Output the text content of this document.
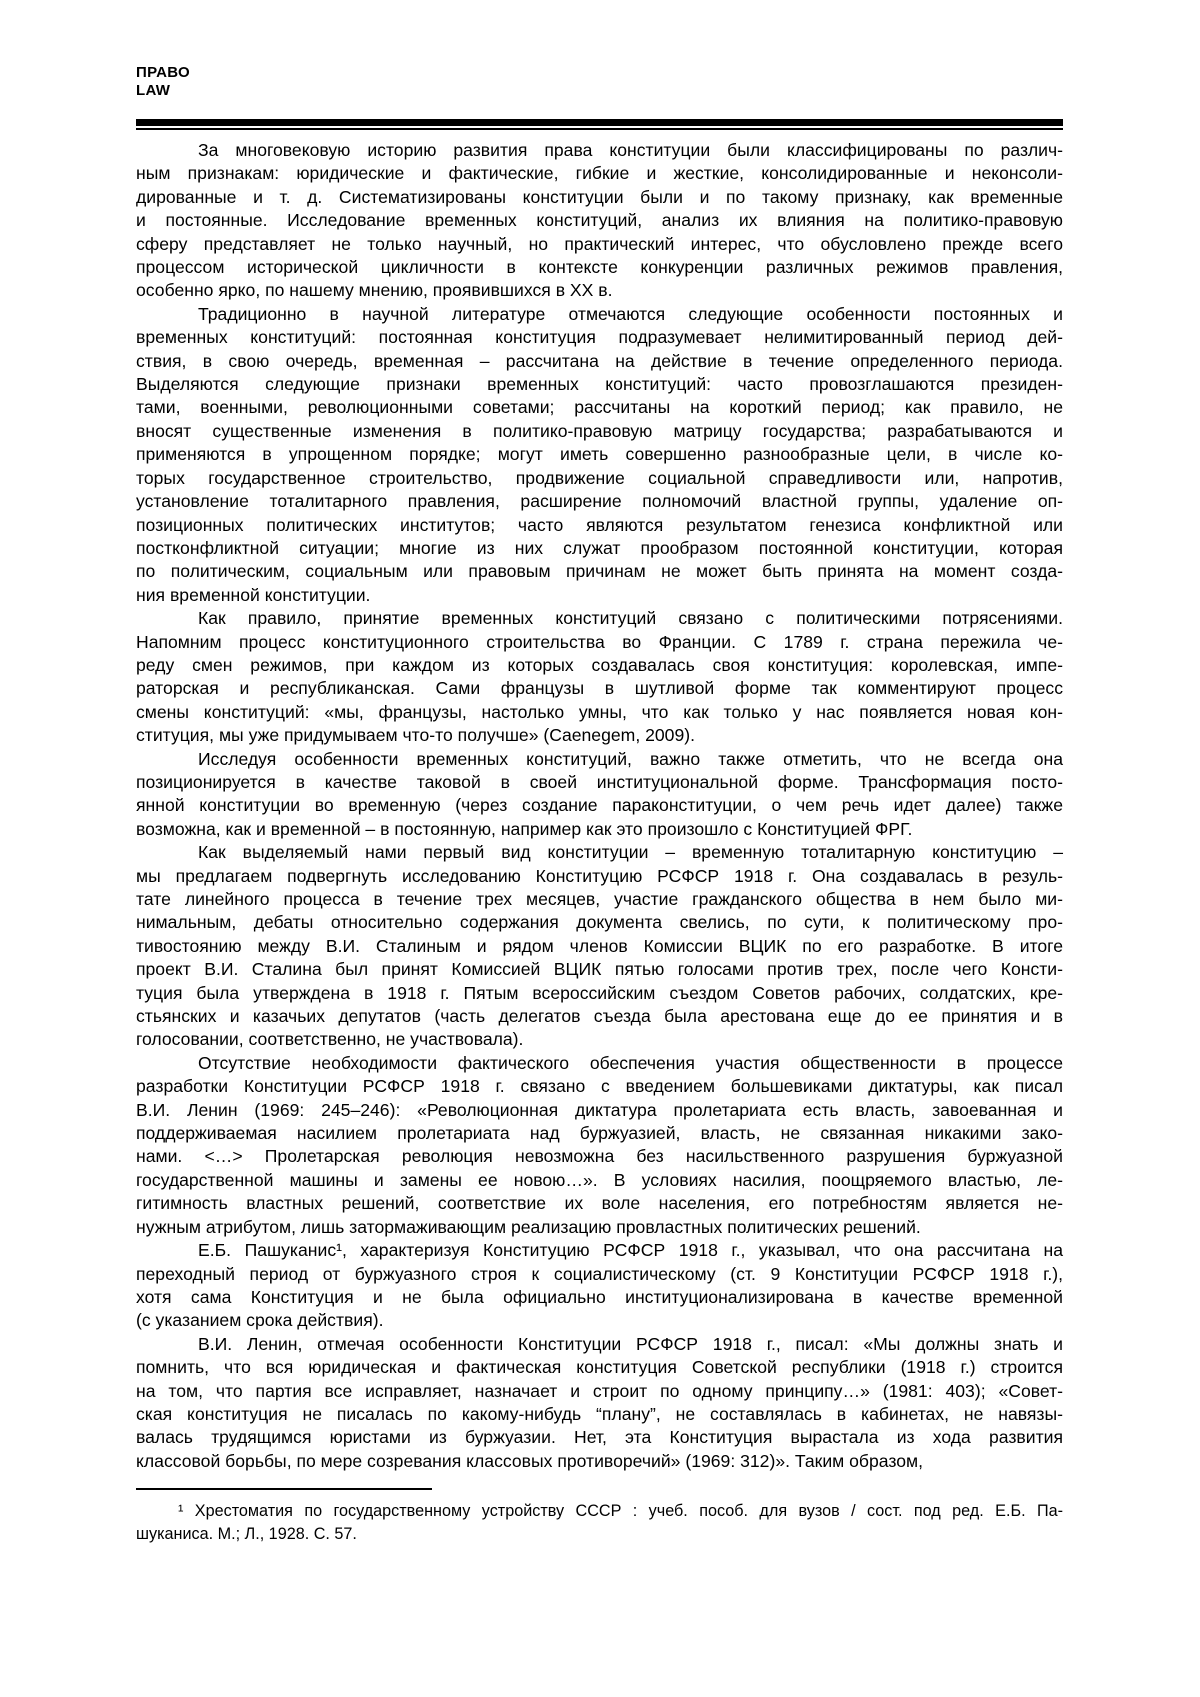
ПРАВО
LAW
За многовековую историю развития права конституции были классифицированы по различ-
ным признакам: юридические и фактические, гибкие и жесткие, консолидированные и неконсоли-
дированные и т. д. Систематизированы конституции были и по такому признаку, как временные
и постоянные. Исследование временных конституций, анализ их влияния на политико-правовую
сферу представляет не только научный, но практический интерес, что обусловлено прежде всего
процессом исторической цикличности в контексте конкуренции различных режимов правления,
особенно ярко, по нашему мнению, проявившихся в XX в.
Традиционно в научной литературе отмечаются следующие особенности постоянных и
временных конституций: постоянная конституция подразумевает нелимитированный период дей-
ствия, в свою очередь, временная – рассчитана на действие в течение определенного периода.
Выделяются следующие признаки временных конституций: часто провозглашаются президен-
тами, военными, революционными советами; рассчитаны на короткий период; как правило, не
вносят существенные изменения в политико-правовую матрицу государства; разрабатываются и
применяются в упрощенном порядке; могут иметь совершенно разнообразные цели, в числе ко-
торых государственное строительство, продвижение социальной справедливости или, напротив,
установление тоталитарного правления, расширение полномочий властной группы, удаление оп-
позиционных политических институтов; часто являются результатом генезиса конфликтной или
постконфликтной ситуации; многие из них служат прообразом постоянной конституции, которая
по политическим, социальным или правовым причинам не может быть принята на момент созда-
ния временной конституции.
Как правило, принятие временных конституций связано с политическими потрясениями.
Напомним процесс конституционного строительства во Франции. С 1789 г. страна пережила че-
реду смен режимов, при каждом из которых создавалась своя конституция: королевская, импе-
раторская и республиканская. Сами французы в шутливой форме так комментируют процесс
смены конституций: «мы, французы, настолько умны, что как только у нас появляется новая кон-
ституция, мы уже придумываем что-то получше» (Caenegem, 2009).
Исследуя особенности временных конституций, важно также отметить, что не всегда она
позиционируется в качестве таковой в своей институциональной форме. Трансформация посто-
янной конституции во временную (через создание параконституции, о чем речь идет далее) также
возможна, как и временной – в постоянную, например как это произошло с Конституцией ФРГ.
Как выделяемый нами первый вид конституции – временную тоталитарную конституцию –
мы предлагаем подвергнуть исследованию Конституцию РСФСР 1918 г. Она создавалась в резуль-
тате линейного процесса в течение трех месяцев, участие гражданского общества в нем было ми-
нимальным, дебаты относительно содержания документа свелись, по сути, к политическому про-
тивостоянию между В.И. Сталиным и рядом членов Комиссии ВЦИК по его разработке. В итоге
проект В.И. Сталина был принят Комиссией ВЦИК пятью голосами против трех, после чего Консти-
туция была утверждена в 1918 г. Пятым всероссийским съездом Советов рабочих, солдатских, кре-
стьянских и казачьих депутатов (часть делегатов съезда была арестована еще до ее принятия и в
голосовании, соответственно, не участвовала).
Отсутствие необходимости фактического обеспечения участия общественности в процессе
разработки Конституции РСФСР 1918 г. связано с введением большевиками диктатуры, как писал
В.И. Ленин (1969: 245–246): «Революционная диктатура пролетариата есть власть, завоеванная и
поддерживаемая насилием пролетариата над буржуазией, власть, не связанная никакими зако-
нами. <…> Пролетарская революция невозможна без насильственного разрушения буржуазной
государственной машины и замены ее новою…». В условиях насилия, поощряемого властью, ле-
гитимность властных решений, соответствие их воле населения, его потребностям является не-
нужным атрибутом, лишь затормаживающим реализацию провластных политических решений.
Е.Б. Пашуканис¹, характеризуя Конституцию РСФСР 1918 г., указывал, что она рассчитана на
переходный период от буржуазного строя к социалистическому (ст. 9 Конституции РСФСР 1918 г.),
хотя сама Конституция и не была официально институционализирована в качестве временной
(с указанием срока действия).
В.И. Ленин, отмечая особенности Конституции РСФСР 1918 г., писал: «Мы должны знать и
помнить, что вся юридическая и фактическая конституция Советской республики (1918 г.) строится
на том, что партия все исправляет, назначает и строит по одному принципу…» (1981: 403); «Совет-
ская конституция не писалась по какому-нибудь “плану”, не составлялась в кабинетах, не навязы-
валась трудящимся юристами из буржуазии. Нет, эта Конституция вырастала из хода развития
классовой борьбы, по мере созревания классовых противоречий» (1969: 312)». Таким образом,
¹ Хрестоматия по государственному устройству СССР : учеб. пособ. для вузов / сост. под ред. Е.Б. Па-
шуканиса. М.; Л., 1928. С. 57.
